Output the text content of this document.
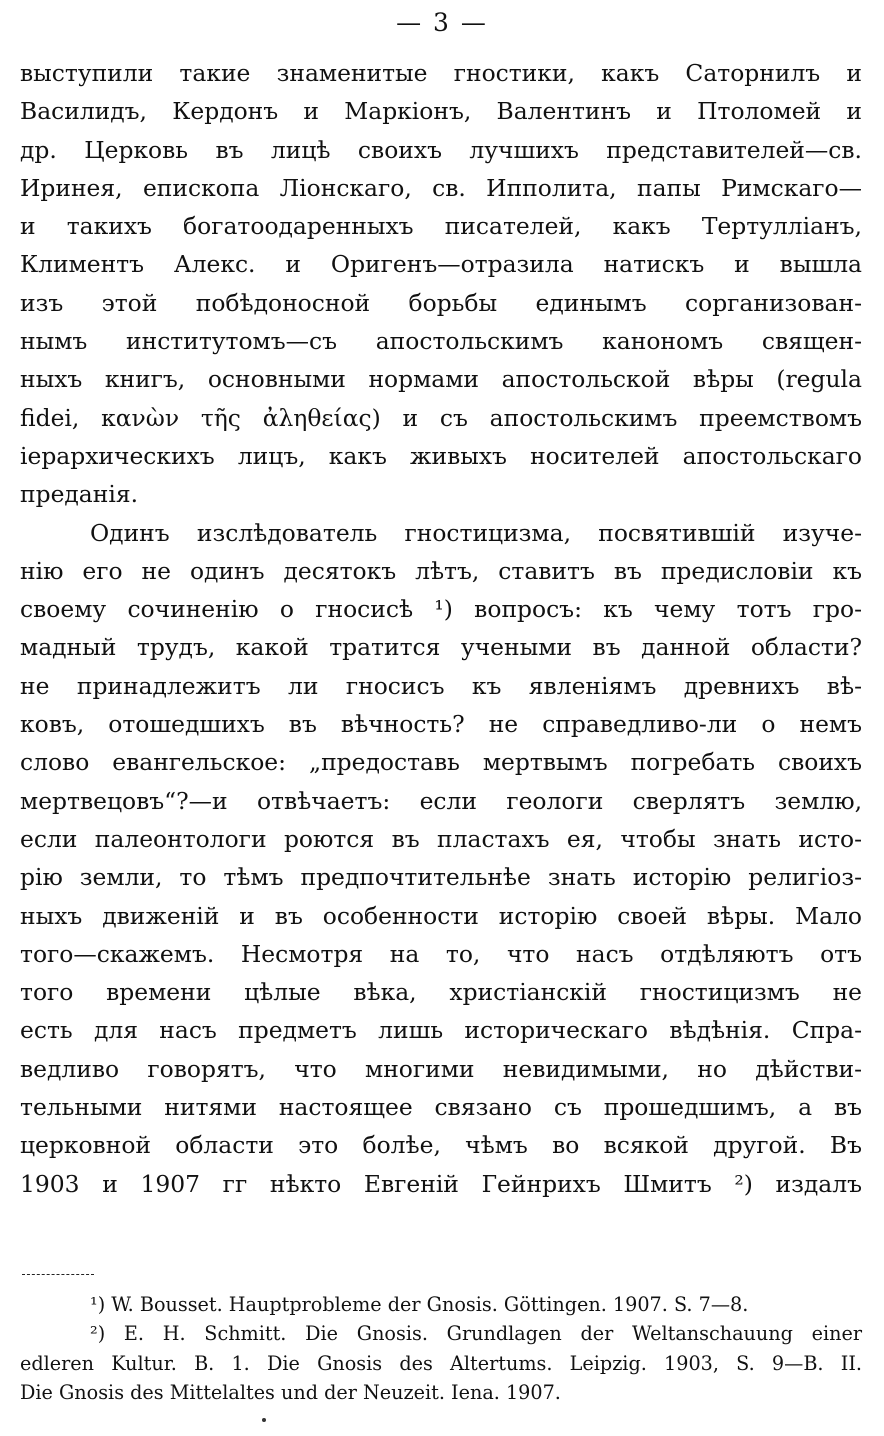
— 3 —
выступили такие знаменитые гностики, какъ Саторнилъ и
Василидъ, Кердонъ и Маркіонъ, Валентинъ и Птоломей и
др. Церковь въ лицѣ своихъ лучшихъ представителей—св.
Иринея, епископа Ліонскаго, св. Ипполита, папы Римскаго—
и такихъ богатоодаренныхъ писателей, какъ Тертулліанъ,
Климентъ Алекс. и Оригенъ—отразила натискъ и вышла
изъ этой побѣдоносной борьбы единымъ сорганизован-
нымъ институтомъ—съ апостольскимъ канономъ священ-
ныхъ книгъ, основными нормами апостольской вѣры (regula
fidei, κανὼν τῆς ἀληθείας) и съ апостольскимъ преемствомъ
іерархическихъ лицъ, какъ живыхъ носителей апостольскаго
преданія.
Одинъ изслѣдователь гностицизма, посвятившій изуче-
нію его не одинъ десятокъ лѣтъ, ставитъ въ предисловіи къ
своему сочиненію о гносисѣ ¹) вопросъ: къ чему тотъ гро-
мадный трудъ, какой тратится учеными въ данной области?
не принадлежитъ ли гносисъ къ явленіямъ древнихъ вѣ-
ковъ, отошедшихъ въ вѣчность? не справедливо-ли о немъ
слово евангельское: „предоставь мертвымъ погребать своихъ
мертвецовъ“?—и отвѣчаетъ: если геологи сверлятъ землю,
если палеонтологи роются въ пластахъ ея, чтобы знать исто-
рію земли, то тѣмъ предпочтительнѣе знать исторію религіоз-
ныхъ движеній и въ особенности исторію своей вѣры. Мало
того—скажемъ. Несмотря на то, что насъ отдѣляютъ отъ
того времени цѣлые вѣка, христіанскій гностицизмъ не
есть для насъ предметъ лишь историческаго вѣдѣнія. Спра-
ведливо говорятъ, что многими невидимыми, но дѣйстви-
тельными нитями настоящее связано съ прошедшимъ, а въ
церковной области это болѣе, чѣмъ во всякой другой. Въ
1903 и 1907 гг нѣкто Евгеній Гейнрихъ Шмитъ ²) издалъ
¹) W. Bousset. Hauptprobleme der Gnosis. Göttingen. 1907. S. 7—8.
²) E. H. Schmitt. Die Gnosis. Grundlagen der Weltanschauung einer
edleren Kultur. B. 1. Die Gnosis des Altertums. Leipzig. 1903, S. 9—B. II.
Die Gnosis des Mittelaltes und der Neuzeit. Iena. 1907.
